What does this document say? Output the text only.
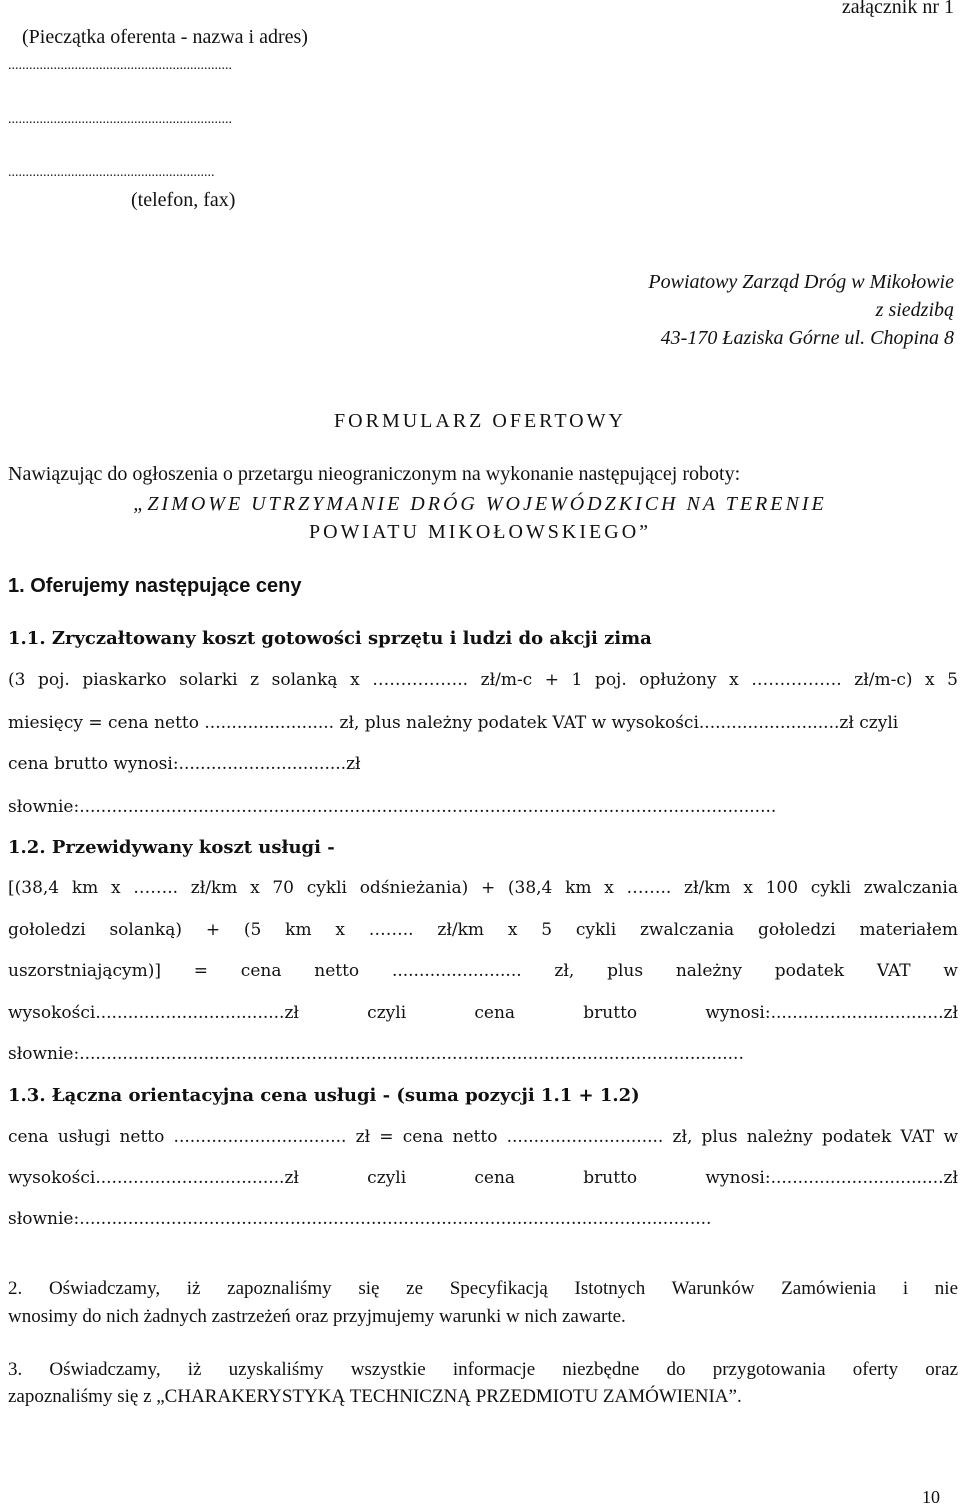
załącznik nr 1
(Pieczątka oferenta - nazwa i adres)
................................................................
................................................................
...........................................................
(telefon, fax)
Powiatowy Zarząd Dróg w Mikołowie
z siedzibą
43-170 Łaziska Górne ul. Chopina 8
FORMULARZ OFERTOWY
Nawiązując do ogłoszenia o przetargu nieograniczonym na wykonanie następującej roboty:
„ZIMOWE UTRZYMANIE DRÓG WOJEWÓDZKICH NA TERENIE
POWIATU MIKOŁOWSKIEGO”
1. Oferujemy następujące ceny
1.1. Zryczałtowany koszt gotowości sprzętu i ludzi do akcji zima
(3 poj. piaskarko solarki z solanką x …………….. zł/m-c + 1 poj. opłużony x ……………. zł/m-c) x 5
miesięcy = cena netto ........................ zł, plus należny podatek VAT w wysokości..........................zł czyli
cena brutto wynosi:...............................zł
słownie:.................................................................................................................................
1.2. Przewidywany koszt usługi -
[(38,4 km x …….. zł/km x 70 cykli odśnieżania) + (38,4 km x …….. zł/km x 100 cykli zwalczania
gołoledzi solanką) + (5 km x …….. zł/km x 5 cykli zwalczania gołoledzi materiałem
uszorstniającym)] = cena netto ........................ zł, plus należny podatek VAT w
wysokości...................................zł czyli cena brutto wynosi:................................zł
słownie:...........................................................................................................................
1.3. Łączna orientacyjna cena usługi - (suma pozycji 1.1 + 1.2)
cena usługi netto ................................ zł = cena netto ............................. zł, plus należny podatek VAT w
wysokości...................................zł czyli cena brutto wynosi:................................zł
słownie:.....................................................................................................................
2. Oświadczamy, iż zapoznaliśmy się ze Specyfikacją Istotnych Warunków Zamówienia i nie
wnosimy do nich żadnych zastrzeżeń oraz przyjmujemy warunki w nich zawarte.
3. Oświadczamy, iż uzyskaliśmy wszystkie informacje niezbędne do przygotowania oferty oraz
zapoznaliśmy się z „CHARAKERYSTYKĄ TECHNICZNĄ PRZEDMIOTU ZAMÓWIENIA”.
10
